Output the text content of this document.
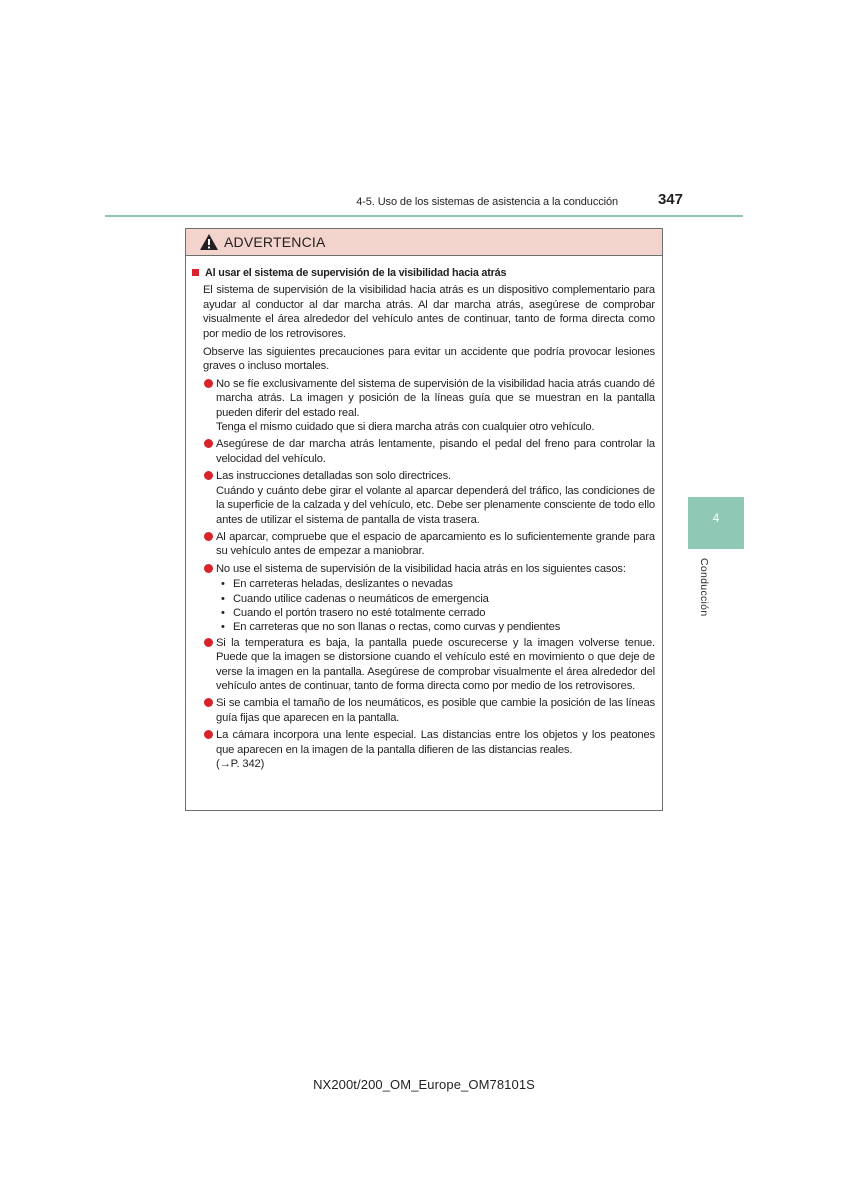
4-5. Uso de los sistemas de asistencia a la conducción	347
ADVERTENCIA
Al usar el sistema de supervisión de la visibilidad hacia atrás

El sistema de supervisión de la visibilidad hacia atrás es un dispositivo complementario para ayudar al conductor al dar marcha atrás. Al dar marcha atrás, asegúrese de comprobar visualmente el área alrededor del vehículo antes de continuar, tanto de forma directa como por medio de los retrovisores.

Observe las siguientes precauciones para evitar un accidente que podría provocar lesiones graves o incluso mortales.

No se fíe exclusivamente del sistema de supervisión de la visibilidad hacia atrás cuando dé marcha atrás. La imagen y posición de la líneas guía que se muestran en la pantalla pueden diferir del estado real.
Tenga el mismo cuidado que si diera marcha atrás con cualquier otro vehículo.
Asegúrese de dar marcha atrás lentamente, pisando el pedal del freno para controlar la velocidad del vehículo.
Las instrucciones detalladas son solo directrices.
Cuándo y cuánto debe girar el volante al aparcar dependerá del tráfico, las condiciones de la superficie de la calzada y del vehículo, etc. Debe ser plenamente consciente de todo ello antes de utilizar el sistema de pantalla de vista trasera.
Al aparcar, compruebe que el espacio de aparcamiento es lo suficientemente grande para su vehículo antes de empezar a maniobrar.
No use el sistema de supervisión de la visibilidad hacia atrás en los siguientes casos:
• En carreteras heladas, deslizantes o nevadas
• Cuando utilice cadenas o neumáticos de emergencia
• Cuando el portón trasero no esté totalmente cerrado
• En carreteras que no son llanas o rectas, como curvas y pendientes
Si la temperatura es baja, la pantalla puede oscurecerse y la imagen volverse tenue. Puede que la imagen se distorsione cuando el vehículo esté en movimiento o que deje de verse la imagen en la pantalla. Asegúrese de comprobar visualmente el área alrededor del vehículo antes de continuar, tanto de forma directa como por medio de los retrovisores.
Si se cambia el tamaño de los neumáticos, es posible que cambie la posición de las líneas guía fijas que aparecen en la pantalla.
La cámara incorpora una lente especial. Las distancias entre los objetos y los peatones que aparecen en la imagen de la pantalla difieren de las distancias reales.
(→P. 342)
4
Conducción
NX200t/200_OM_Europe_OM78101S
